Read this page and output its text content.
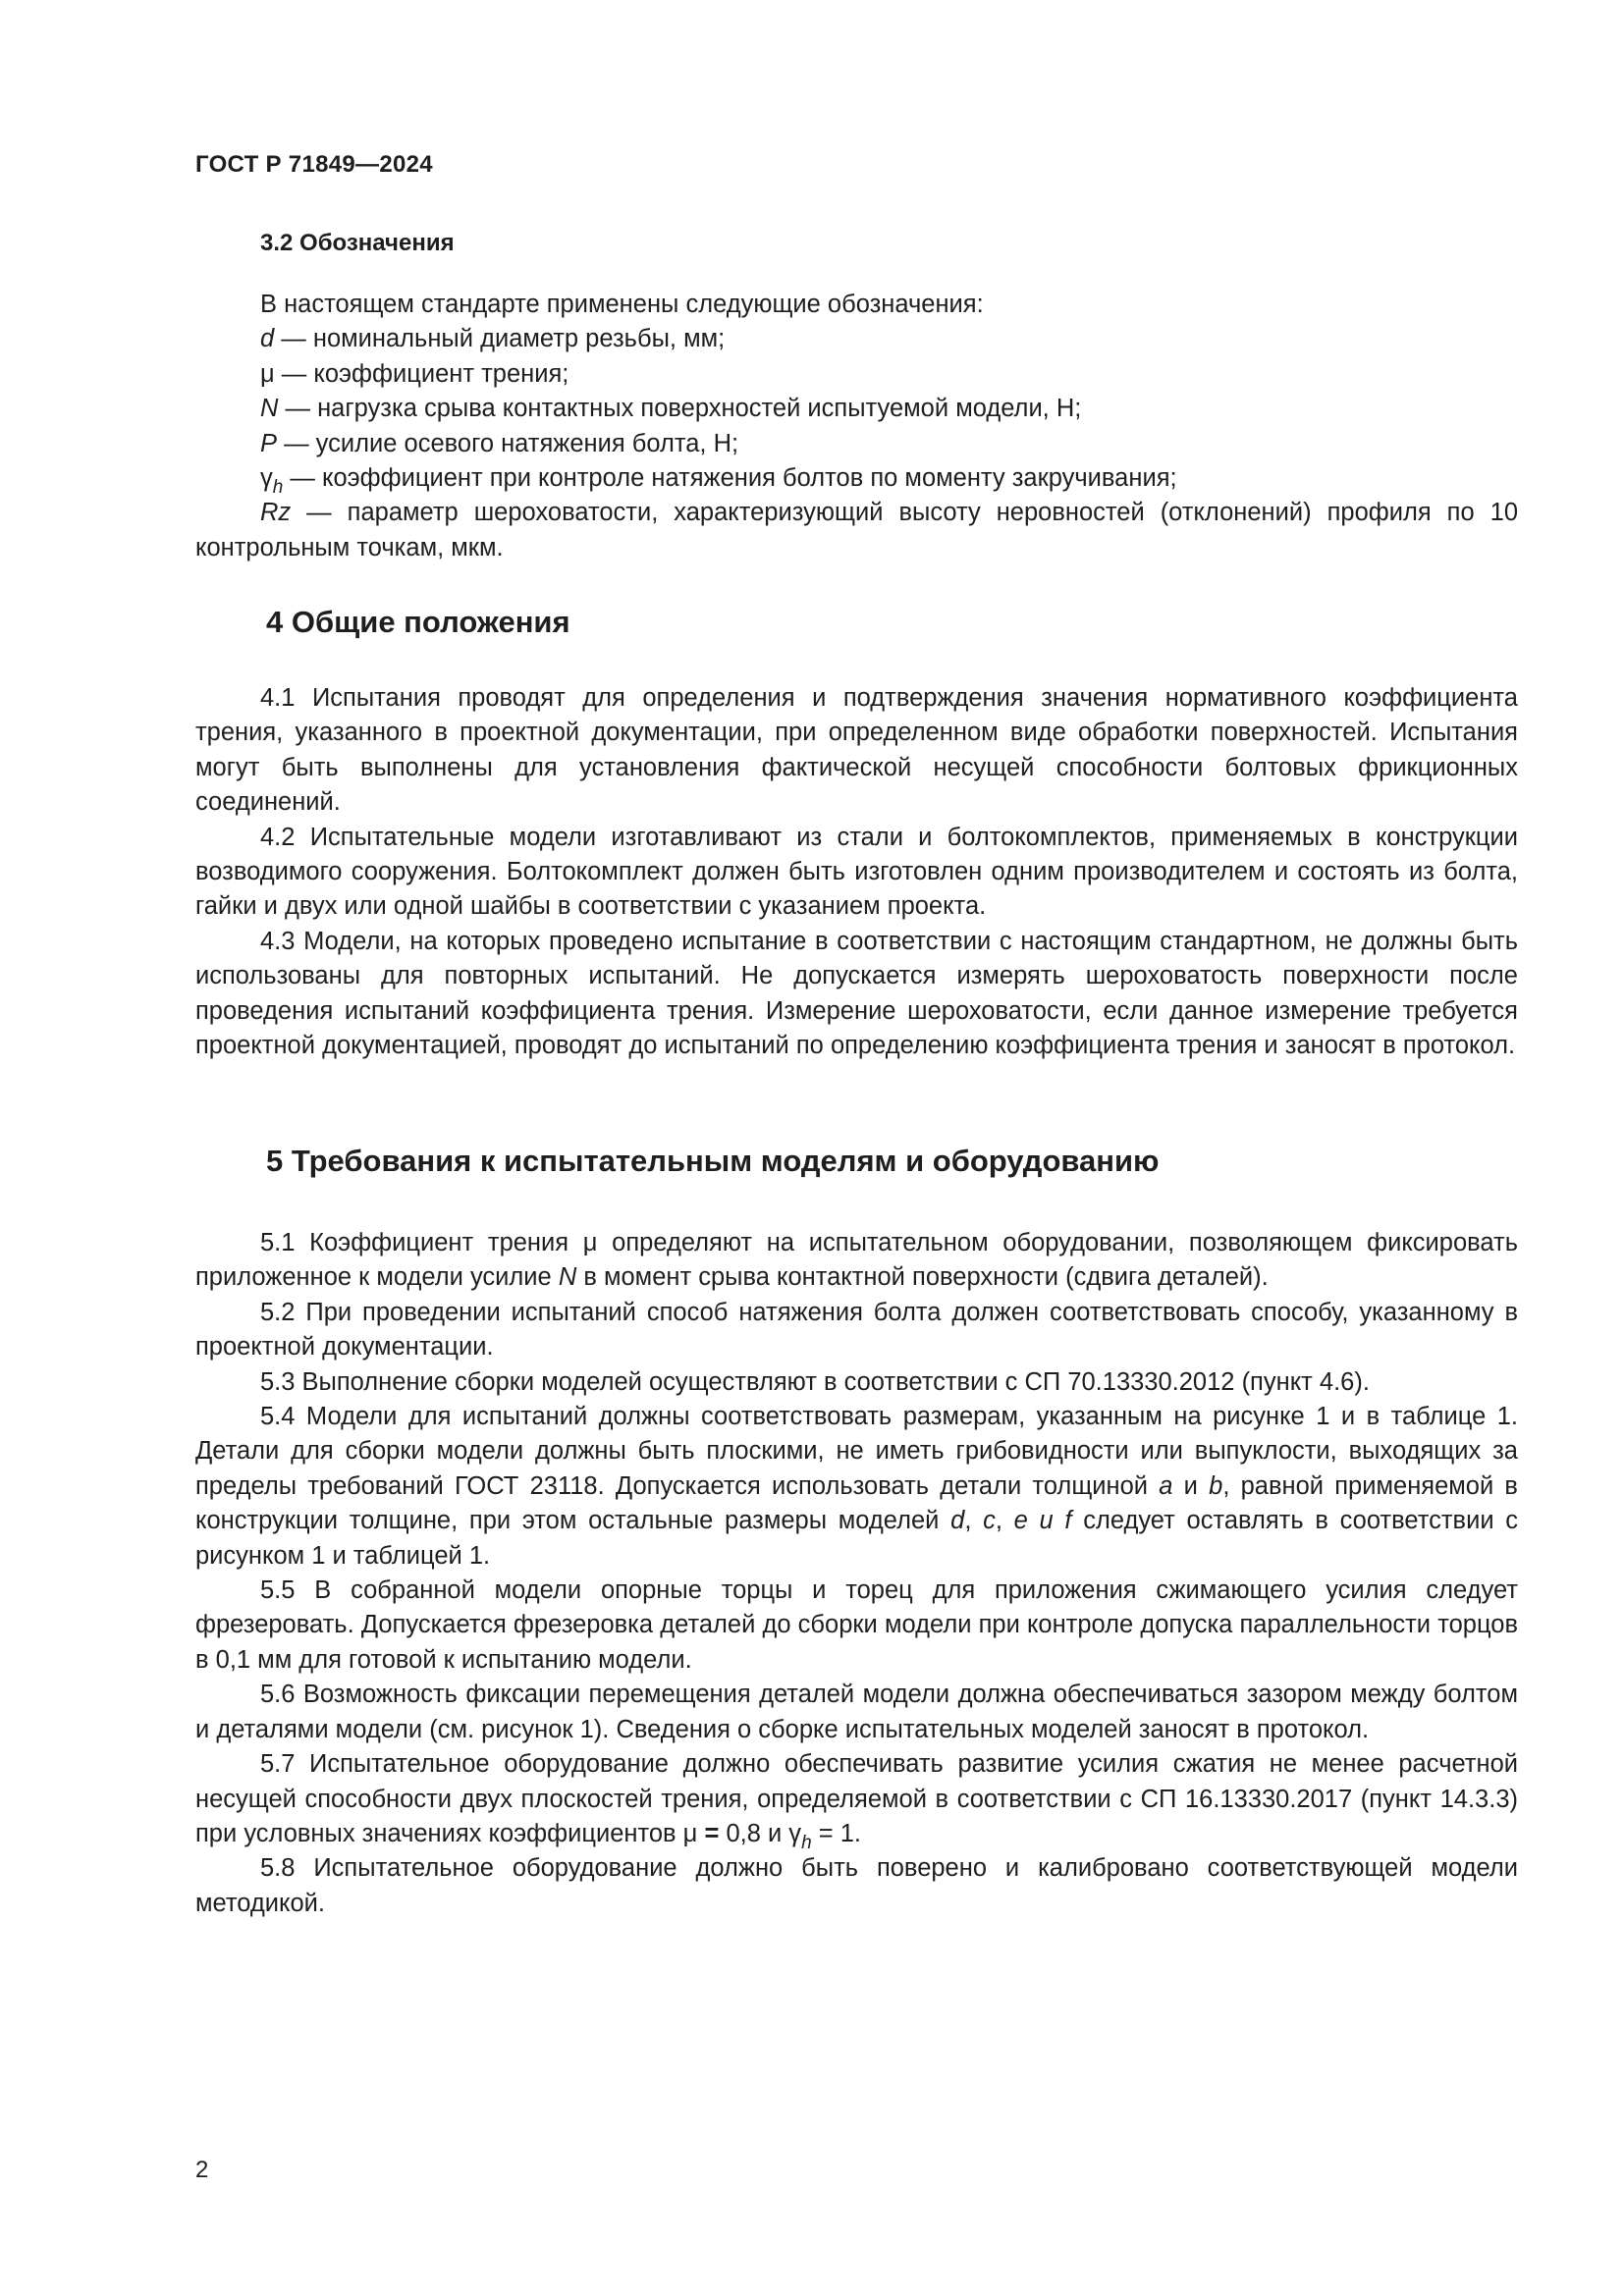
ГОСТ Р 71849—2024
3.2 Обозначения
В настоящем стандарте применены следующие обозначения:
d — номинальный диаметр резьбы, мм;
μ — коэффициент трения;
N — нагрузка срыва контактных поверхностей испытуемой модели, Н;
P — усилие осевого натяжения болта, Н;
$\gamma_h$ — коэффициент при контроле натяжения болтов по моменту закручивания;

Rz — параметр шероховатости, характеризующий высоту неровностей (отклонений) профиля по 10 контрольным точкам, мкм.

4 Общие положения

4.1 Испытания проводят для определения и подтверждения значения нормативного коэффициента трения, указанного в проектной документации, при определенном виде обработки поверхностей. Испытания могут быть выполнены для установления фактической несущей способности болтовых фрикционных соединений.

4.2 Испытательные модели изготавливают из стали и болтокомплектов, применяемых в конструкции возводимого сооружения. Болтокомплект должен быть изготовлен одним производителем и состоять из болта, гайки и двух или одной шайбы в соответствии с указанием проекта.

4.3 Модели, на которых проведено испытание в соответствии с настоящим стандартном, не должны быть использованы для повторных испытаний. Не допускается измерять шероховатость поверхности после проведения испытаний коэффициента трения. Измерение шероховатости, если данное измерение требуется проектной документацией, проводят до испытаний по определению коэффициента трения и заносят в протокол.

5 Требования к испытательным моделям и оборудованию

5.1 Коэффициент трения μ определяют на испытательном оборудовании, позволяющем фиксировать приложенное к модели усилие N в момент срыва контактной поверхности (сдвига деталей).

5.2 При проведении испытаний способ натяжения болта должен соответствовать способу, указанному в проектной документации.

5.3 Выполнение сборки моделей осуществляют в соответствии с СП 70.13330.2012 (пункт 4.6).

5.4 Модели для испытаний должны соответствовать размерам, указанным на рисунке 1 и в таблице 1. Детали для сборки модели должны быть плоскими, не иметь грибовидности или выпуклости, выходящих за пределы требований ГОСТ 23118. Допускается использовать детали толщиной a и b, равной применяемой в конструкции толщине, при этом остальные размеры моделей d, c, e u f следует оставлять в соответствии с рисунком 1 и таблицей 1.

5.5 В собранной модели опорные торцы и торец для приложения сжимающего усилия следует фрезеровать. Допускается фрезеровка деталей до сборки модели при контроле допуска параллельности торцов в 0,1 мм для готовой к испытанию модели.

5.6 Возможность фиксации перемещения деталей модели должна обеспечиваться зазором между болтом и деталями модели (см. рисунок 1). Сведения о сборке испытательных моделей заносят в протокол.

5.7 Испытательное оборудование должно обеспечивать развитие усилия сжатия не менее расчетной несущей способности двух плоскостей трения, определяемой в соответствии с СП 16.13330.2017 (пункт 14.3.3) при условных значениях коэффициентов μ = 0,8 и $\gamma_h = 1$.

5.8 Испытательное оборудование должно быть поверено и калибровано соответствующей модели методикой.

2
